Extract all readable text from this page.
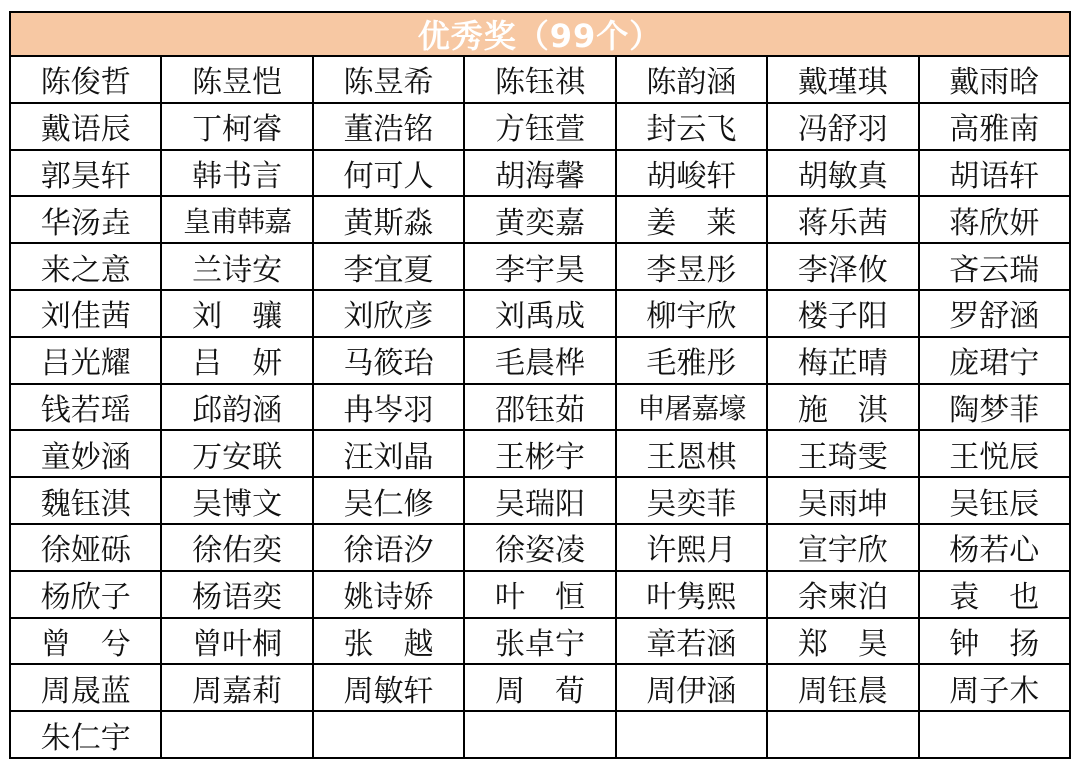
优秀奖（99个）
陈俊哲	陈昱恺	陈昱希	陈钰祺	陈韵涵	戴瑾琪	戴雨晗
戴语辰	丁柯睿	董浩铭	方钰萱	封云飞	冯舒羽	高雅南
郭昊轩	韩书言	何可人	胡海馨	胡峻轩	胡敏真	胡语轩
华汤垚	皇甫韩嘉	黄斯淼	黄奕嘉	姜　莱	蒋乐茜	蒋欣妍
来之意	兰诗安	李宜夏	李宇昊	李昱彤	李泽攸	吝云瑞
刘佳茜	刘　骧	刘欣彦	刘禹成	柳宇欣	楼子阳	罗舒涵
吕光耀	吕　妍	马筱珆	毛晨桦	毛雅彤	梅芷晴	庞珺宁
钱若瑶	邱韵涵	冉岑羽	邵钰茹	申屠嘉壕	施　淇	陶梦菲
童妙涵	万安联	汪刘晶	王彬宇	王恩棋	王琦雯	王悦辰
魏钰淇	吴博文	吴仁修	吴瑞阳	吴奕菲	吴雨坤	吴钰辰
徐娅砾	徐佑奕	徐语汐	徐姿凌	许熙月	宣宇欣	杨若心
杨欣子	杨语奕	姚诗娇	叶　恒	叶隽熙	余柬泊	袁　也
曾　兮	曾叶桐	张　越	张卓宁	章若涵	郑　昊	钟　扬
周晟蓝	周嘉莉	周敏轩	周　荀	周伊涵	周钰晨	周子木
朱仁宇						
